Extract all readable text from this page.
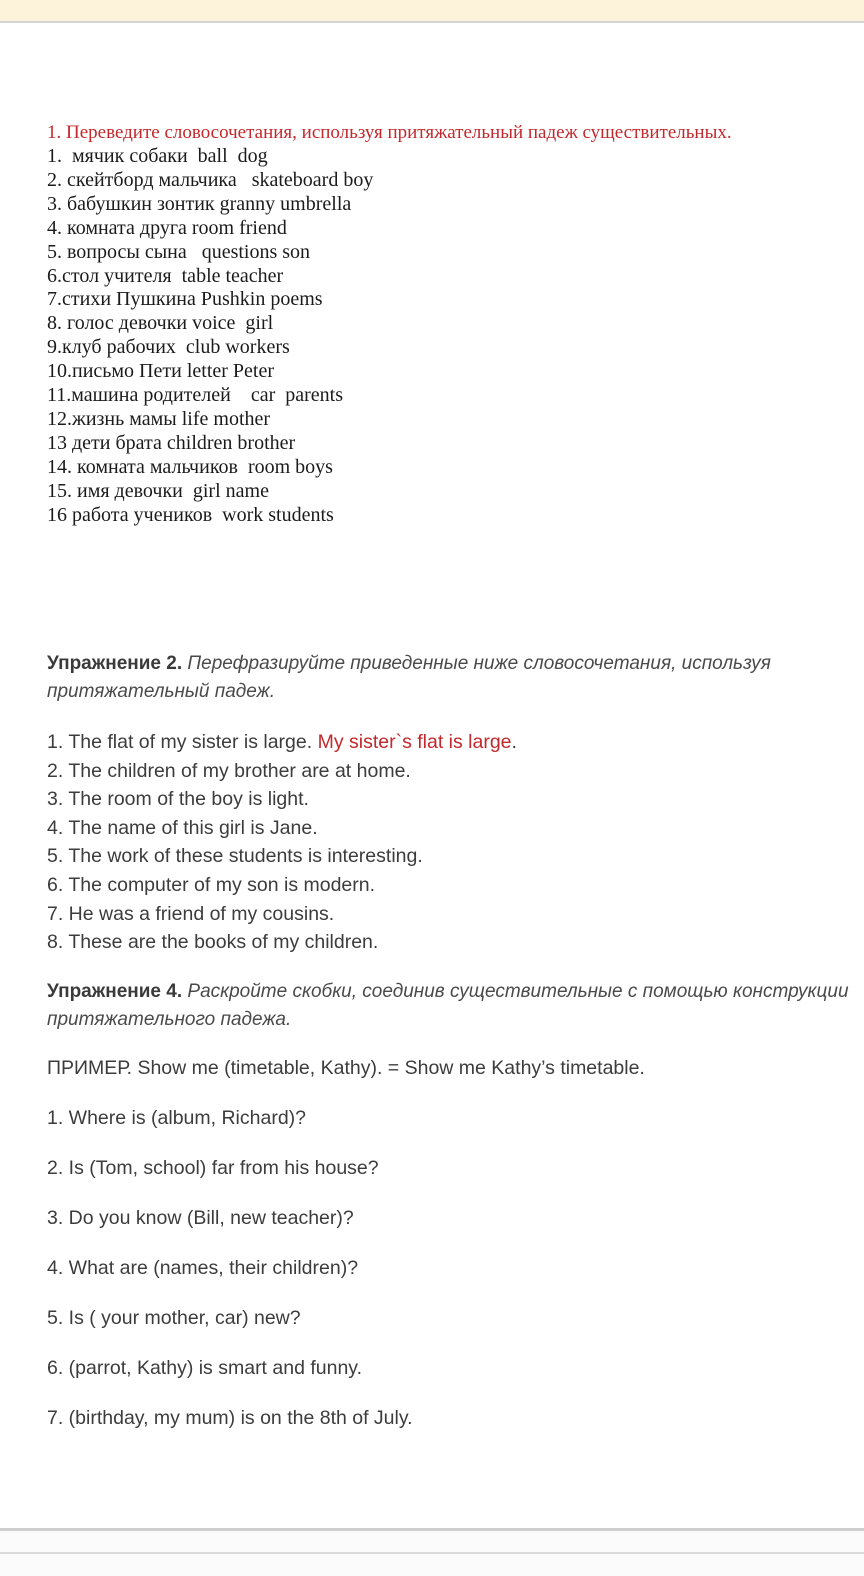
1. Переведите словосочетания, используя притяжательный падеж существительных.
1.  мячик собаки  ball  dog
2. скейтборд мальчика   skateboard boy
3. бабушкин зонтик granny umbrella
4. комната друга room friend
5. вопросы сына   questions son
6.стол учителя  table teacher
7.стихи Пушкина Pushkin poems
8. голос девочки voice  girl
9.клуб рабочих  club workers
10.письмо Пети letter Peter
11.машина родителей    car  parents
12.жизнь мамы life mother
13 дети брата children brother
14. комната мальчиков  room boys
15. имя девочки  girl name
16 работа учеников  work students
Упражнение 2. Перефразируйте приведенные ниже словосочетания, используя притяжательный падеж.
1. The flat of my sister is large. My sister`s flat is large.
2. The children of my brother are at home.
3. The room of the boy is light.
4. The name of this girl is Jane.
5. The work of these students is interesting.
6. The computer of my son is modern.
7. He was a friend of my cousins.
8. These are the books of my children.
Упражнение 4. Раскройте скобки, соединив существительные с помощью конструкции притяжательного падежа.
ПРИМЕР. Show me (timetable, Kathy). = Show me Kathy’s timetable.
1. Where is (album, Richard)?
2. Is (Tom, school) far from his house?
3. Do you know (Bill, new teacher)?
4. What are (names, their children)?
5. Is ( your mother, car) new?
6. (parrot, Kathy) is smart and funny.
7. (birthday, my mum) is on the 8th of July.
